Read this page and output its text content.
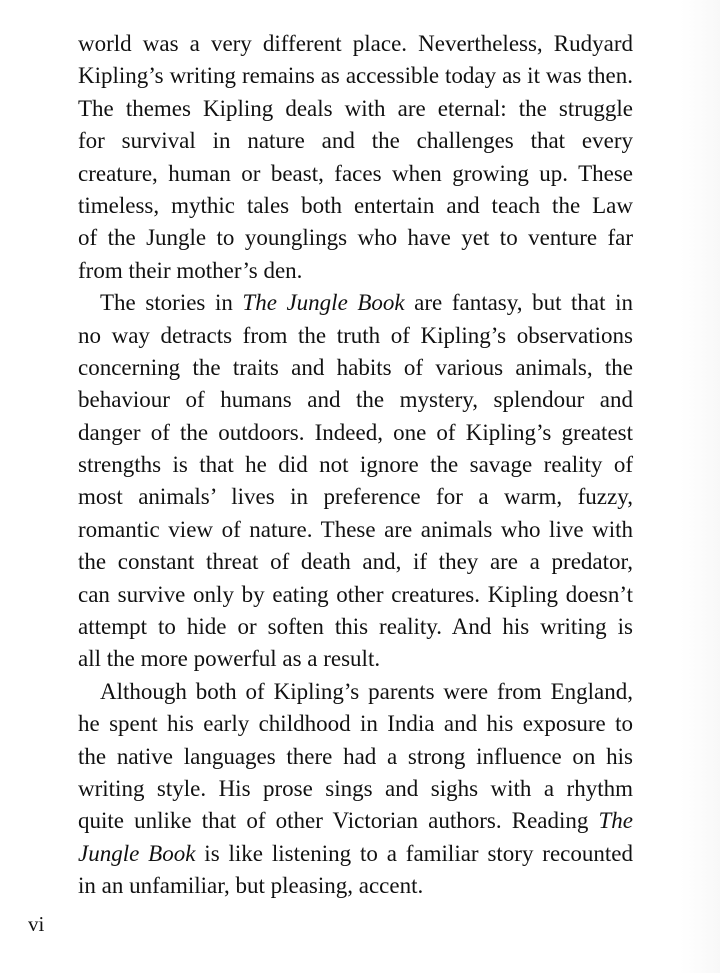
world was a very different place. Nevertheless, Rudyard
Kipling’s writing remains as accessible today as it was then.
The themes Kipling deals with are eternal: the struggle
for survival in nature and the challenges that every
creature, human or beast, faces when growing up. These
timeless, mythic tales both entertain and teach the Law
of the Jungle to younglings who have yet to venture far
from their mother’s den.

The stories in The Jungle Book are fantasy, but that in
no way detracts from the truth of Kipling’s observations
concerning the traits and habits of various animals, the
behaviour of humans and the mystery, splendour and
danger of the outdoors. Indeed, one of Kipling’s greatest
strengths is that he did not ignore the savage reality of
most animals’ lives in preference for a warm, fuzzy,
romantic view of nature. These are animals who live with
the constant threat of death and, if they are a predator,
can survive only by eating other creatures. Kipling doesn’t
attempt to hide or soften this reality. And his writing is
all the more powerful as a result.

Although both of Kipling’s parents were from England,
he spent his early childhood in India and his exposure to
the native languages there had a strong influence on his
writing style. His prose sings and sighs with a rhythm
quite unlike that of other Victorian authors. Reading The
Jungle Book is like listening to a familiar story recounted
in an unfamiliar, but pleasing, accent.

vi
